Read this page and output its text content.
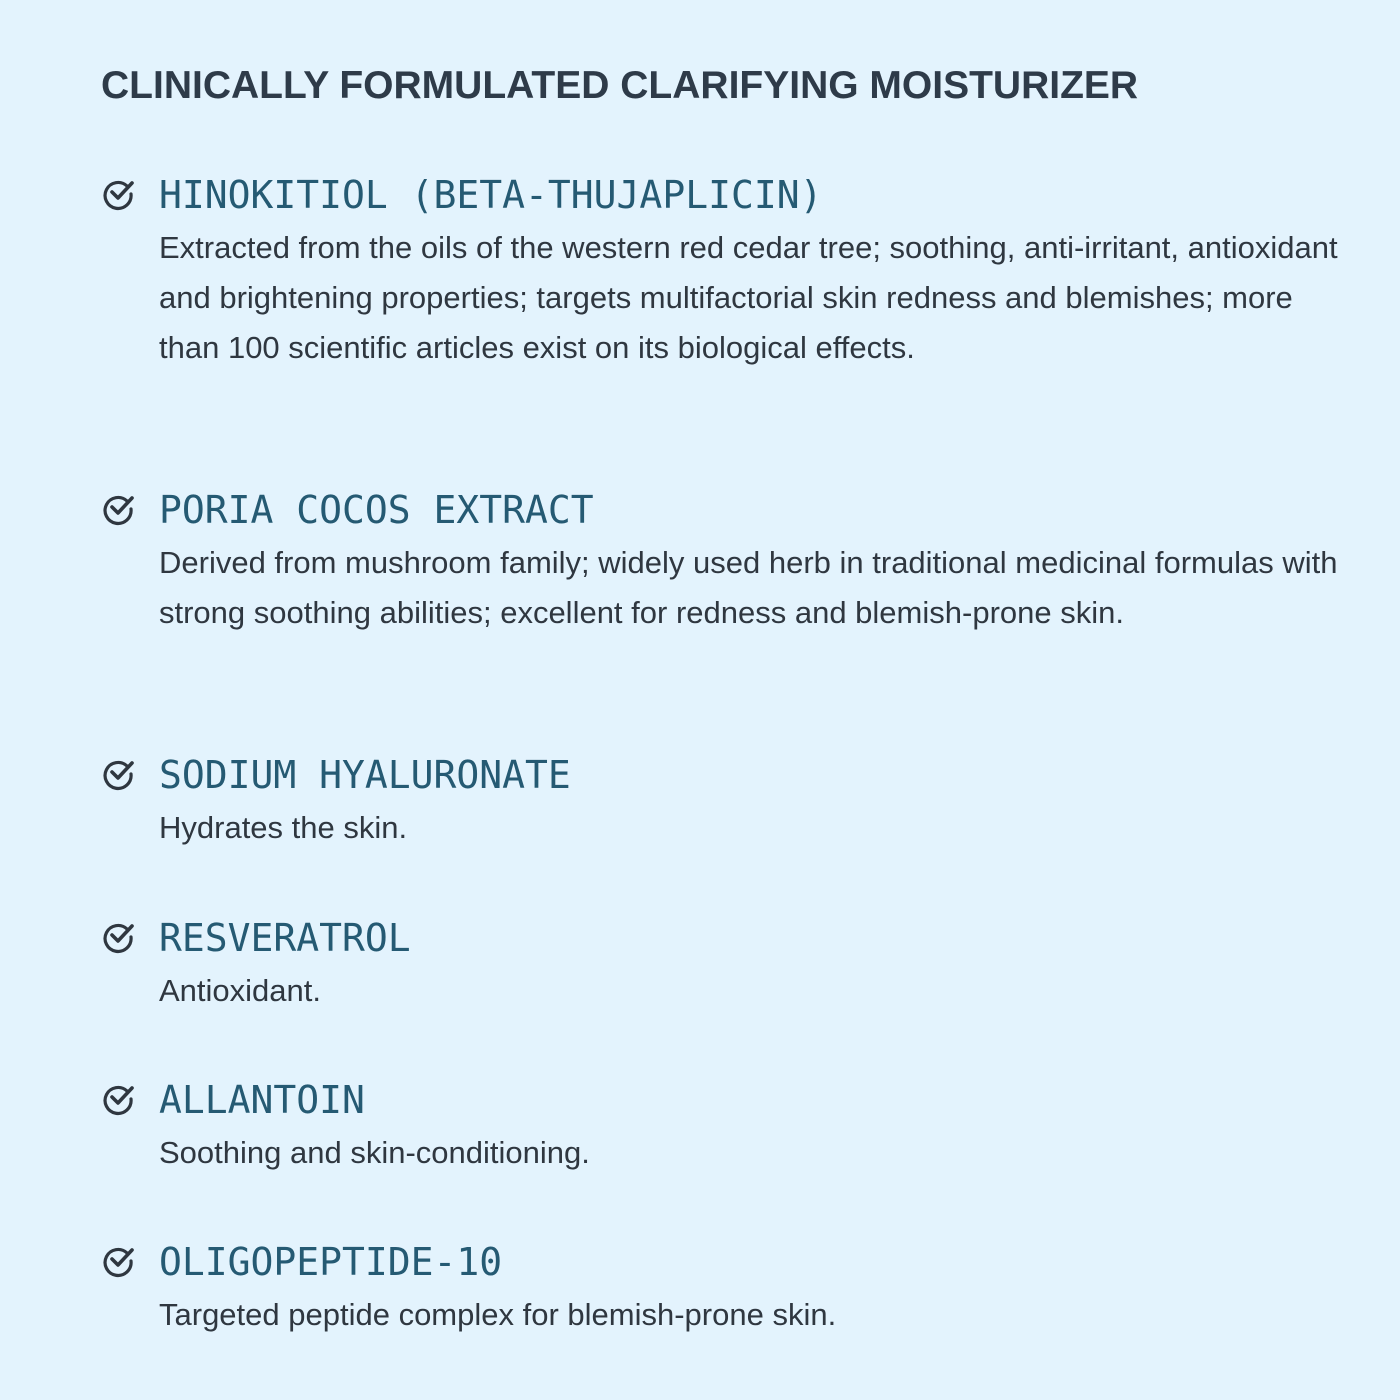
CLINICALLY FORMULATED CLARIFYING MOISTURIZER
HINOKITIOL (BETA-THUJAPLICIN)

Extracted from the oils of the western red cedar tree; soothing, anti-irritant, antioxidant and brightening properties; targets multifactorial skin redness and blemishes; more than 100 scientific articles exist on its biological effects.

PORIA COCOS EXTRACT

Derived from mushroom family; widely used herb in traditional medicinal formulas with strong soothing abilities; excellent for redness and blemish-prone skin.

SODIUM HYALURONATE

Hydrates the skin.

RESVERATROL

Antioxidant.

ALLANTOIN

Soothing and skin-conditioning.

OLIGOPEPTIDE-10

Targeted peptide complex for blemish-prone skin.
